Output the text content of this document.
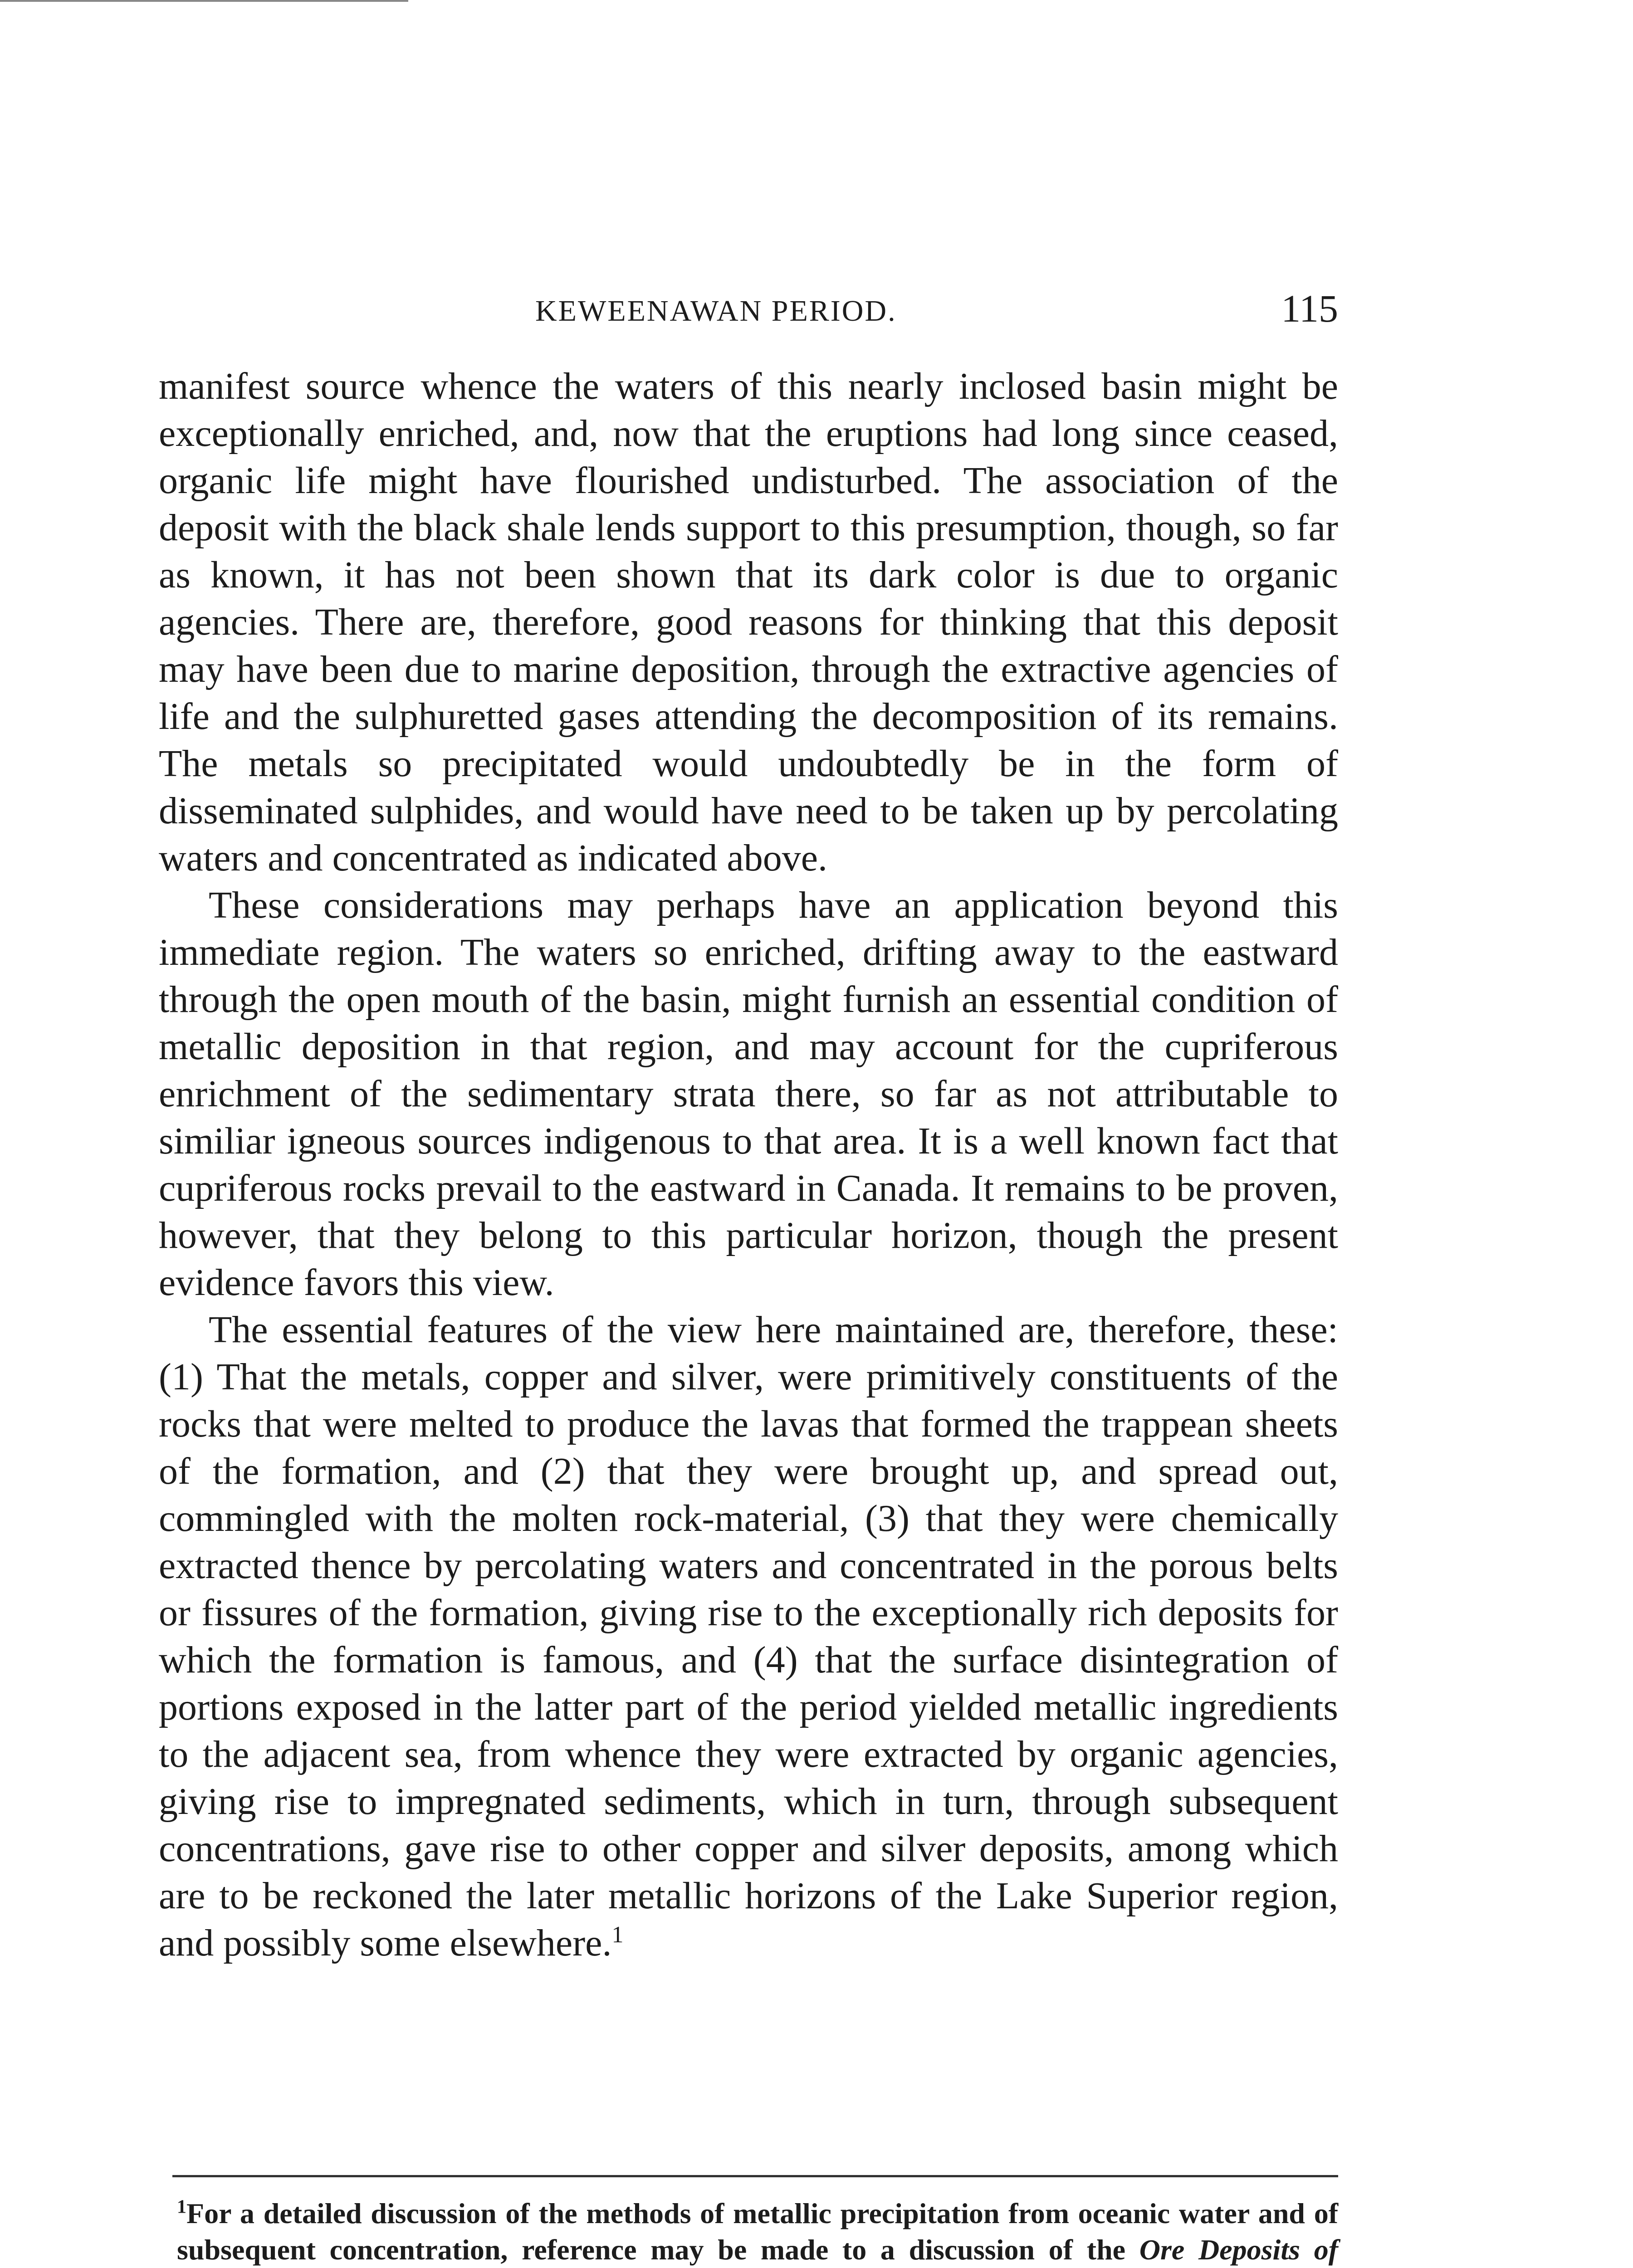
KEWEENAWAN PERIOD.	115

manifest source whence the waters of this nearly inclosed basin might be exceptionally enriched, and, now that the eruptions had long since ceased, organic life might have flourished undisturbed. The association of the deposit with the black shale lends support to this presumption, though, so far as known, it has not been shown that its dark color is due to organic agencies. There are, therefore, good reasons for thinking that this deposit may have been due to marine deposition, through the extractive agencies of life and the sulphuretted gases attending the decomposition of its remains. The metals so precipitated would undoubtedly be in the form of disseminated sulphides, and would have need to be taken up by percolating waters and concentrated as indicated above.

These considerations may perhaps have an application beyond this immediate region. The waters so enriched, drifting away to the eastward through the open mouth of the basin, might furnish an essential condition of metallic deposition in that region, and may account for the cupriferous enrichment of the sedimentary strata there, so far as not attributable to similiar igneous sources indigenous to that area. It is a well known fact that cupriferous rocks prevail to the eastward in Canada. It remains to be proven, however, that they belong to this particular horizon, though the present evidence favors this view.

The essential features of the view here maintained are, therefore, these: (1) That the metals, copper and silver, were primitively constituents of the rocks that were melted to produce the lavas that formed the trappean sheets of the formation, and (2) that they were brought up, and spread out, commingled with the molten rock-material, (3) that they were chemically extracted thence by percolating waters and concentrated in the porous belts or fissures of the formation, giving rise to the exceptionally rich deposits for which the formation is famous, and (4) that the surface disintegration of portions exposed in the latter part of the period yielded metallic ingredients to the adjacent sea, from whence they were extracted by organic agencies, giving rise to impregnated sediments, which in turn, through subsequent concentrations, gave rise to other copper and silver deposits, among which are to be reckoned the later metallic horizons of the Lake Superior region, and possibly some elsewhere.$^1$

$^1$For a detailed discussion of the methods of metallic precipitation from oceanic water and of subsequent concentration, reference may be made to a discussion of the Ore Deposits of
